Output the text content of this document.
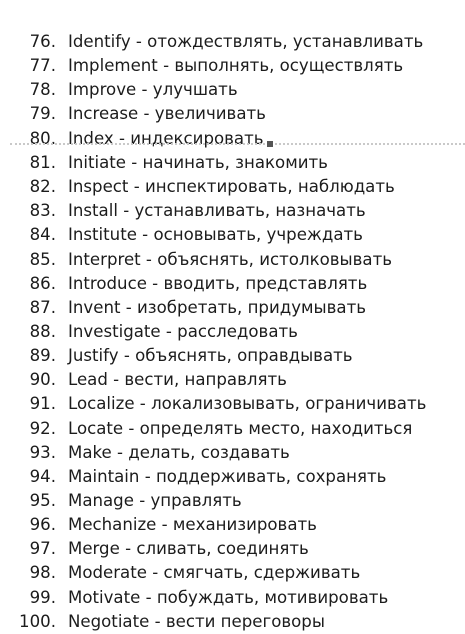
76. Identify - отождествлять, устанавливать
77. Implement - выполнять, осуществлять
78. Improve - улучшать
79. Increase - увеличивать
80. Index - индексировать
81. Initiate - начинать, знакомить
82. Inspect - инспектировать, наблюдать
83. Install - устанавливать, назначать
84. Institute - основывать, учреждать
85. Interpret - объяснять, истолковывать
86. Introduce - вводить, представлять
87. Invent - изобретать, придумывать
88. Investigate - расследовать
89. Justify - объяснять, оправдывать
90. Lead - вести, направлять
91. Localize - локализовывать, ограничивать
92. Locate - определять место, находиться
93. Make - делать, создавать
94. Maintain - поддерживать, сохранять
95. Manage - управлять
96. Mechanize - механизировать
97. Merge - сливать, соединять
98. Moderate - смягчать, сдерживать
99. Motivate - побуждать, мотивировать
100. Negotiate - вести переговоры
